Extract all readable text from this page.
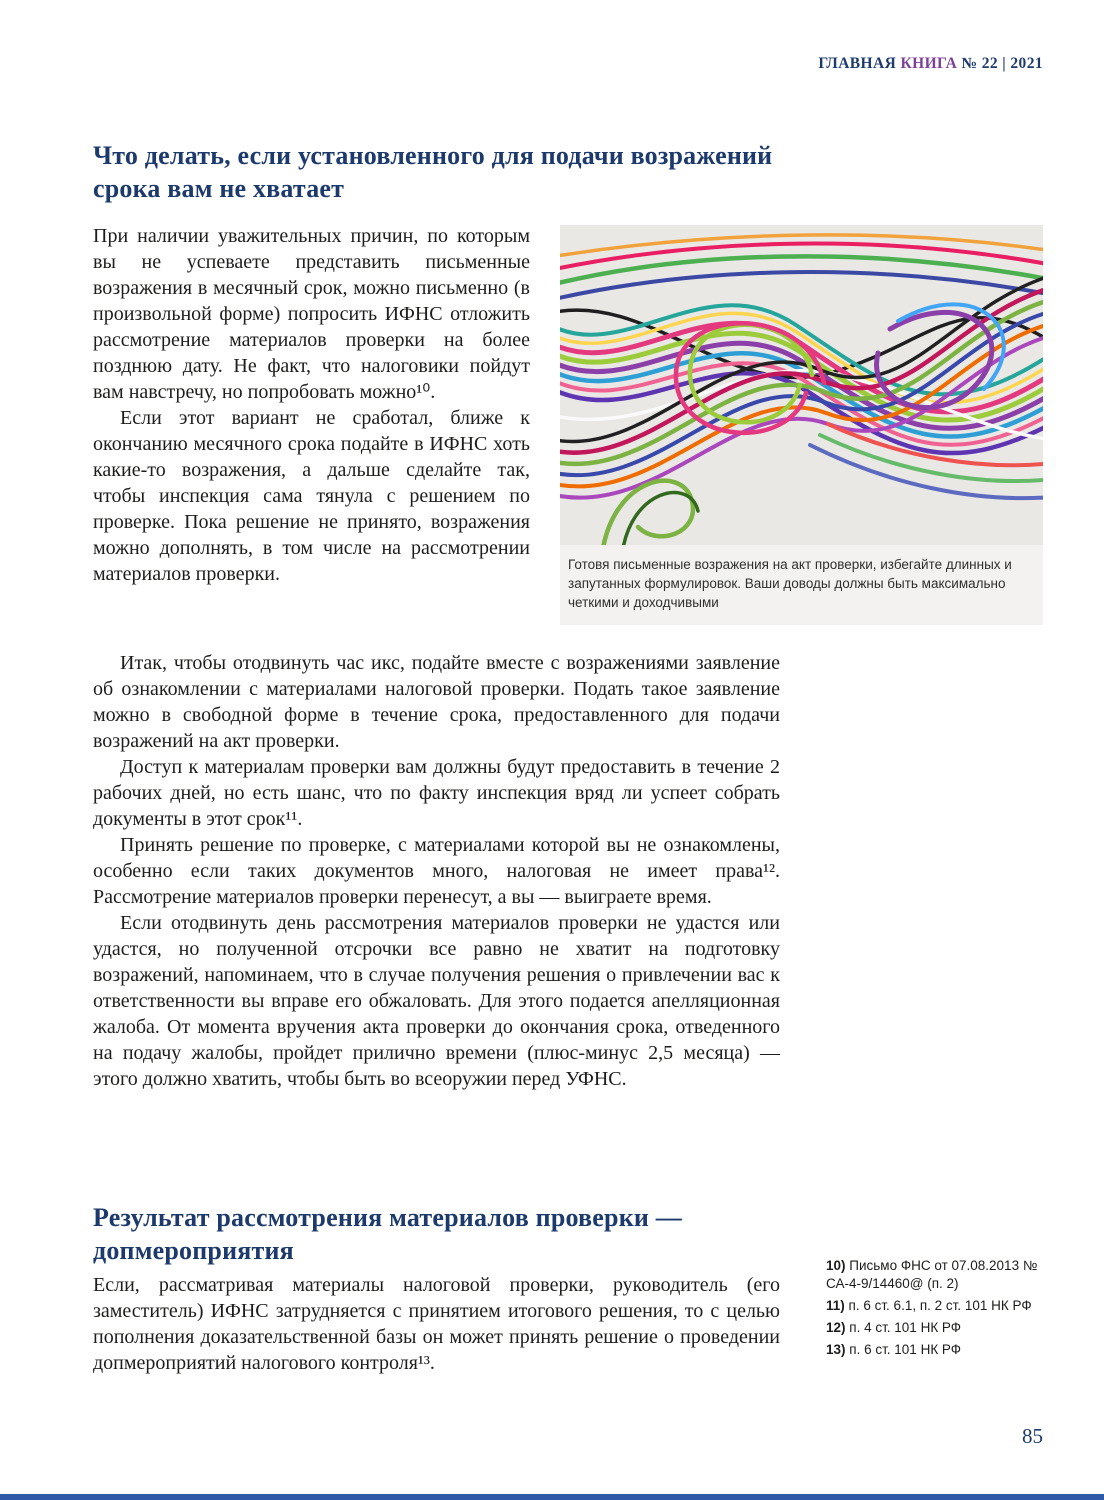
ГЛАВНАЯ КНИГА № 22 | 2021
Что делать, если установленного для подачи возражений срока вам не хватает

При наличии уважительных причин, по которым вы не успеваете представить письменные возражения в месячный срок, можно письменно (в произвольной форме) попросить ИФНС отложить рассмотрение материалов проверки на более позднюю дату. Не факт, что налоговики пойдут вам навстречу, но попробовать можно¹⁰.

Если этот вариант не сработал, ближе к окончанию месячного срока подайте в ИФНС хоть какие-то возражения, а дальше сделайте так, чтобы инспекция сама тянула с решением по проверке. Пока решение не принято, возражения можно дополнять, в том числе на рассмотрении материалов проверки.	Готовя письменные возражения на акт проверки, избегайте длинных и запутанных формулировок. Ваши доводы должны быть максимально четкими и доходчивыми

Итак, чтобы отодвинуть час икс, подайте вместе с возражениями заявление об ознакомлении с материалами налоговой проверки. Подать такое заявление можно в свободной форме в течение срока, предоставленного для подачи возражений на акт проверки.

Доступ к материалам проверки вам должны будут предоставить в течение 2 рабочих дней, но есть шанс, что по факту инспекция вряд ли успеет собрать документы в этот срок¹¹.

Принять решение по проверке, с материалами которой вы не ознакомлены, особенно если таких документов много, налоговая не имеет права¹². Рассмотрение материалов проверки перенесут, а вы — выиграете время.

Если отодвинуть день рассмотрения материалов проверки не удастся или удастся, но полученной отсрочки все равно не хватит на подготовку возражений, напоминаем, что в случае получения решения о привлечении вас к ответственности вы вправе его обжаловать. Для этого подается апелляционная жалоба. От момента вручения акта проверки до окончания срока, отведенного на подачу жалобы, пройдет прилично времени (плюс-минус 2,5 месяца) — этого должно хватить, чтобы быть во всеоружии перед УФНС.

Результат рассмотрения материалов проверки — допмероприятия

Если, рассматривая материалы налоговой проверки, руководитель (его заместитель) ИФНС затрудняется с принятием итогового решения, то с целью пополнения доказательственной базы он может принять решение о проведении допмероприятий налогового контроля¹³.

10) Письмо ФНС от 07.08.2013 № СА-4-9/14460@ (п. 2)
11) п. 6 ст. 6.1, п. 2 ст. 101 НК РФ
12) п. 4 ст. 101 НК РФ
13) п. 6 ст. 101 НК РФ
85
